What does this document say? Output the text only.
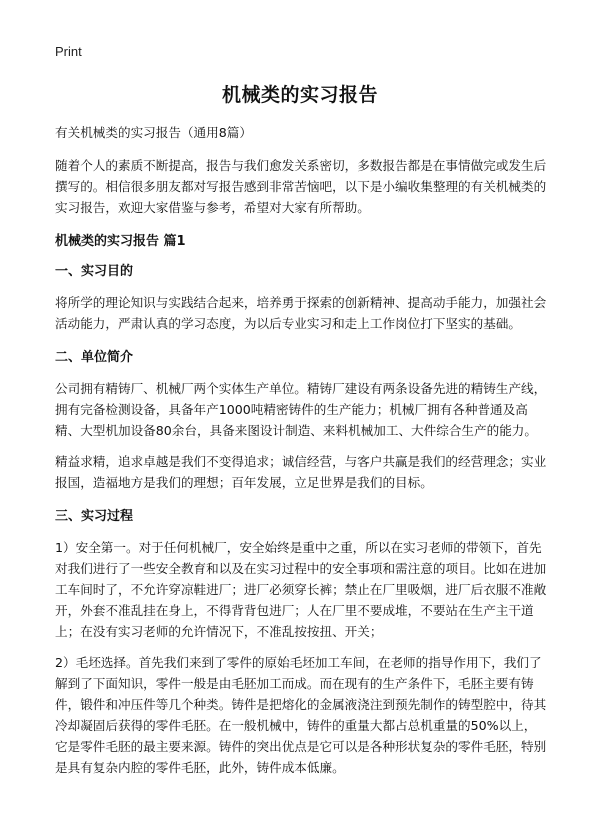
Print
机械类的实习报告

有关机械类的实习报告（通用8篇）

随着个人的素质不断提高，报告与我们愈发关系密切，多数报告都是在事情做完或发生后撰写的。相信很多朋友都对写报告感到非常苦恼吧，以下是小编收集整理的有关机械类的实习报告，欢迎大家借鉴与参考，希望对大家有所帮助。

机械类的实习报告 篇1
一、实习目的

将所学的理论知识与实践结合起来，培养勇于探索的创新精神、提高动手能力，加强社会活动能力，严肃认真的学习态度，为以后专业实习和走上工作岗位打下坚实的基础。

二、单位简介

公司拥有精铸厂、机械厂两个实体生产单位。精铸厂建设有两条设备先进的精铸生产线，拥有完备检测设备，具备年产1000吨精密铸件的生产能力；机械厂拥有各种普通及高精、大型机加设备80余台，具备来图设计制造、来料机械加工、大件综合生产的能力。

精益求精，追求卓越是我们不变得追求；诚信经营，与客户共赢是我们的经营理念；实业报国，造福地方是我们的理想；百年发展，立足世界是我们的目标。

三、实习过程

1）安全第一。对于任何机械厂，安全始终是重中之重，所以在实习老师的带领下，首先对我们进行了一些安全教育和以及在实习过程中的安全事项和需注意的项目。比如在进加工车间时了，不允许穿凉鞋进厂；进厂必须穿长裤；禁止在厂里吸烟，进厂后衣服不准敞开，外套不准乱挂在身上，不得背背包进厂；人在厂里不要成堆，不要站在生产主干道上；在没有实习老师的允许情况下，不准乱按按扭、开关；

2）毛坯选择。首先我们来到了零件的原始毛坯加工车间，在老师的指导作用下，我们了解到了下面知识，零件一般是由毛胚加工而成。而在现有的生产条件下，毛胚主要有铸件，锻件和冲压件等几个种类。铸件是把熔化的金属液浇注到预先制作的铸型腔中，待其冷却凝固后获得的零件毛胚。在一般机械中，铸件的重量大都占总机重量的50%以上，它是零件毛胚的最主要来源。铸件的突出优点是它可以是各种形状复杂的零件毛胚，特别是具有复杂内腔的零件毛胚，此外，铸件成本低廉。
